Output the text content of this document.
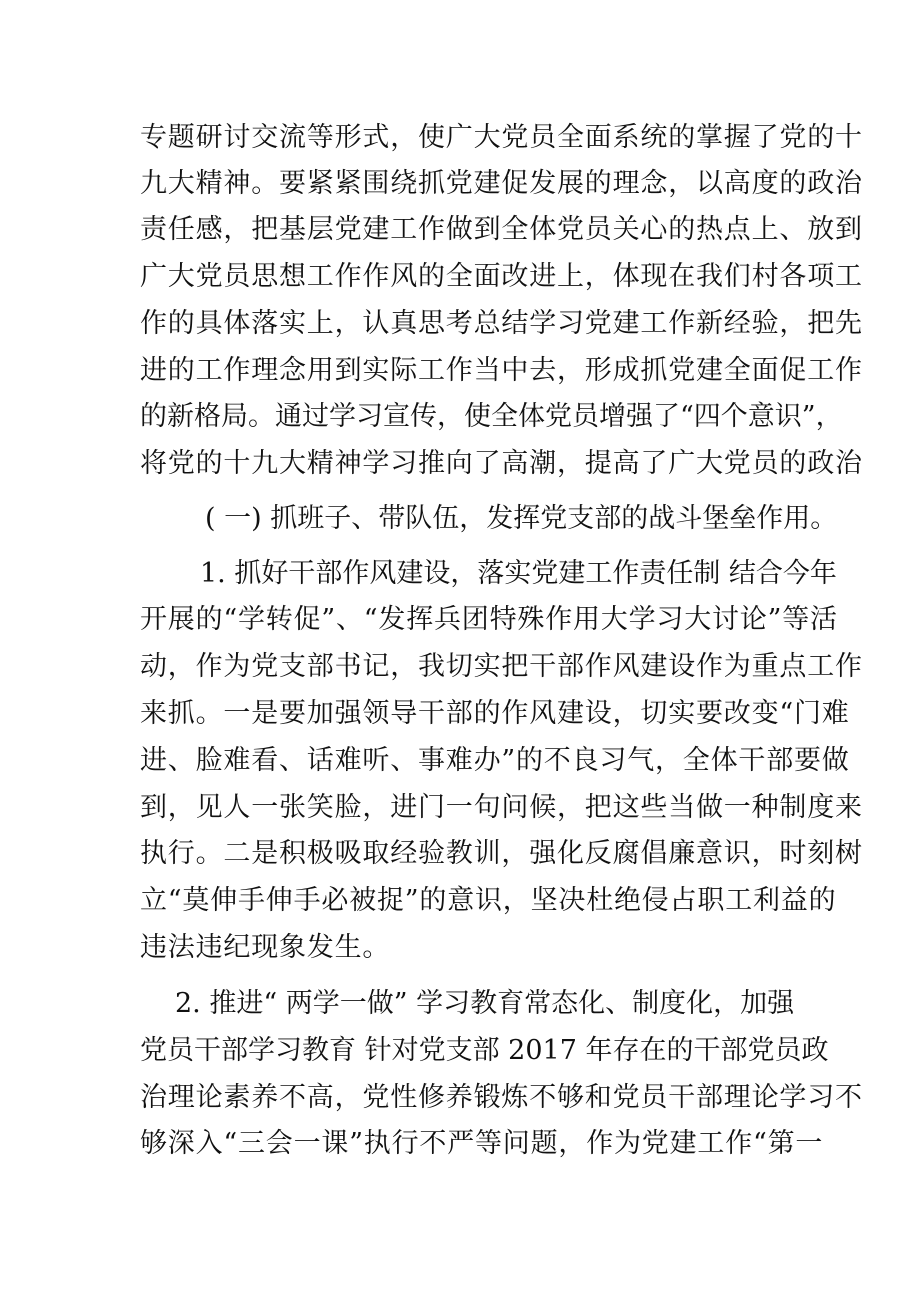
专题研讨交流等形式，使广大党员全面系统的掌握了党的十
九大精神。要紧紧围绕抓党建促发展的理念，以高度的政治
责任感，把基层党建工作做到全体党员关心的热点上、放到
广大党员思想工作作风的全面改进上，体现在我们村各项工
作的具体落实上，认真思考总结学习党建工作新经验，把先
进的工作理念用到实际工作当中去，形成抓党建全面促工作
的新格局。通过学习宣传，使全体党员增强了“四个意识”，
将党的十九大精神学习推向了高潮，提高了广大党员的政治
( 一) 抓班子、带队伍，发挥党支部的战斗堡垒作用。
1. 抓好干部作风建设，落实党建工作责任制 结合今年
开展的“学转促”、“发挥兵团特殊作用大学习大讨论”等活
动，作为党支部书记，我切实把干部作风建设作为重点工作
来抓。一是要加强领导干部的作风建设，切实要改变“门难
进、脸难看、话难听、事难办”的不良习气，全体干部要做
到，见人一张笑脸，进门一句问候，把这些当做一种制度来
执行。二是积极吸取经验教训，强化反腐倡廉意识，时刻树
立“莫伸手伸手必被捉”的意识，坚决杜绝侵占职工利益的
违法违纪现象发生。
2. 推进“ 两学一做” 学习教育常态化、制度化，加强
党员干部学习教育 针对党支部 2017 年存在的干部党员政
治理论素养不高，党性修养锻炼不够和党员干部理论学习不
够深入“三会一课”执行不严等问题，作为党建工作“第一
